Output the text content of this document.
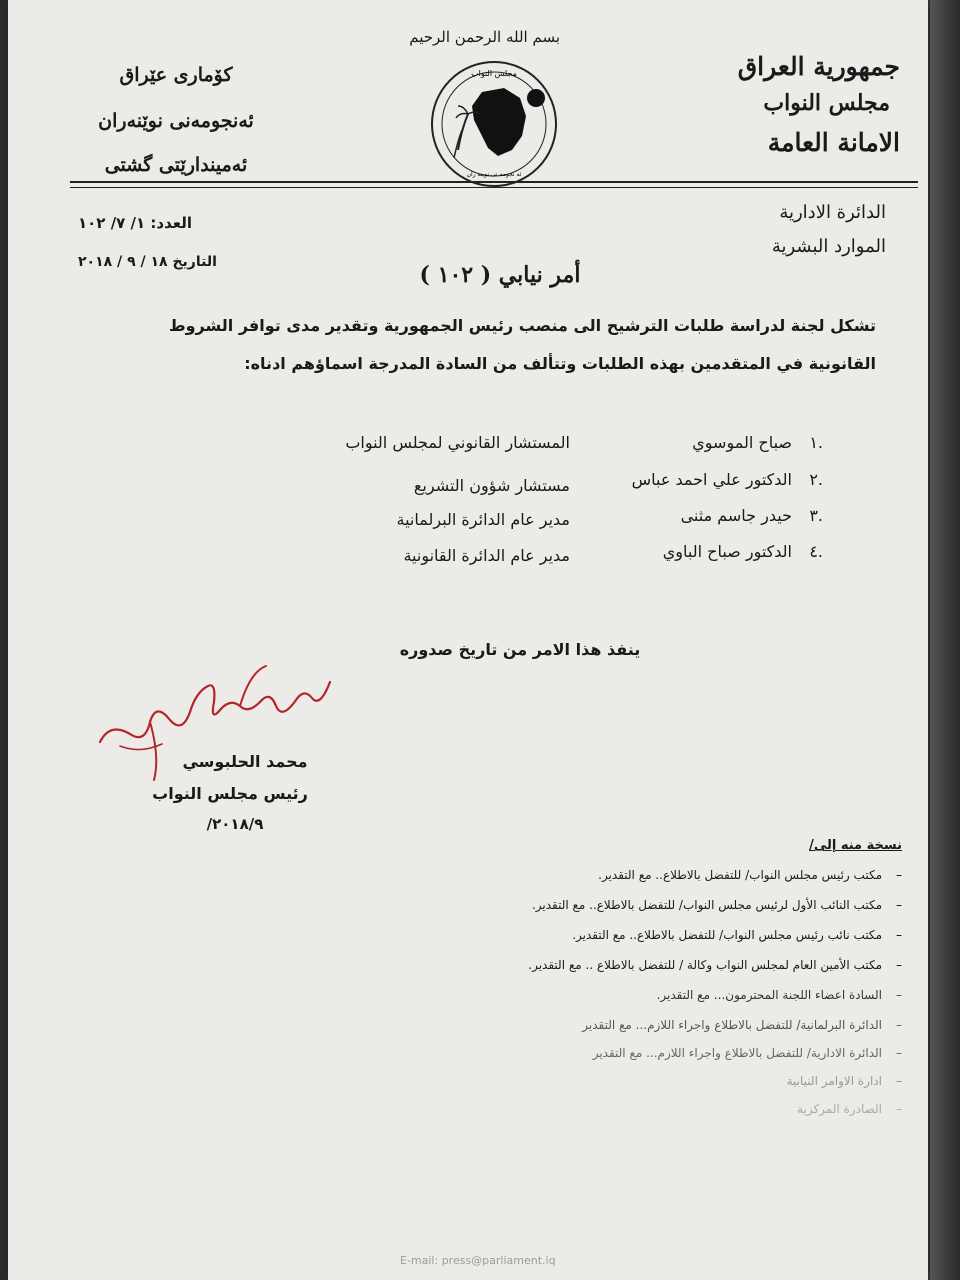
بسم الله الرحمن الرحيم
مجلس النواب
ئه نجومه نی نوینه ران
جمهورية العراق
مجلس النواب
الامانة العامة
كۆماری عێراق
ئەنجومەنی نوێنەران
ئەمیندارێتی گشتی
الدائرة الادارية
الموارد البشرية
العدد: ١/ ٧/ ١٠٢
التاريخ ١٨ / ٩ / ٢٠١٨	أمر نيابي ( ١٠٢ )
تشكل لجنة لدراسة طلبات الترشيح الى منصب رئيس الجمهورية وتقدير مدى توافر الشروط
القانونية في المتقدمين بهذه الطلبات وتتألف من السادة المدرجة اسماؤهم ادناه:
.١
صباح الموسوي
المستشار القانوني لمجلس النواب
.٢
الدكتور علي احمد عباس
مستشار شؤون التشريع
.٣
حيدر جاسم مثنى
مدير عام الدائرة البرلمانية
.٤
الدكتور صباح الباوي
مدير عام الدائرة القانونية
ينفذ هذا الامر من تاريخ صدوره
محمد الحلبوسي
رئيس مجلس النواب
٢٠١٨/٩/
نسخة منه إلى/
–
مكتب رئيس مجلس النواب/ للتفضل بالاطلاع.. مع التقدير.
–
مكتب النائب الأول لرئيس مجلس النواب/ للتفضل بالاطلاع.. مع التقدير.
–
مكتب نائب رئيس مجلس النواب/ للتفضل بالاطلاع.. مع التقدير.
–
مكتب الأمين العام لمجلس النواب وكالة / للتفضل بالاطلاع .. مع التقدير.
–
السادة اعضاء اللجنة المحترمون... مع التقدير.
–
الدائرة البرلمانية/ للتفضل بالاطلاع واجراء اللازم... مع التقدير
–
الدائرة الادارية/ للتفضل بالاطلاع واجراء اللازم... مع التقدير
–
ادارة الاوامر النيابية
–
الصادرة المركزية
E-mail: press@parliament.iq
